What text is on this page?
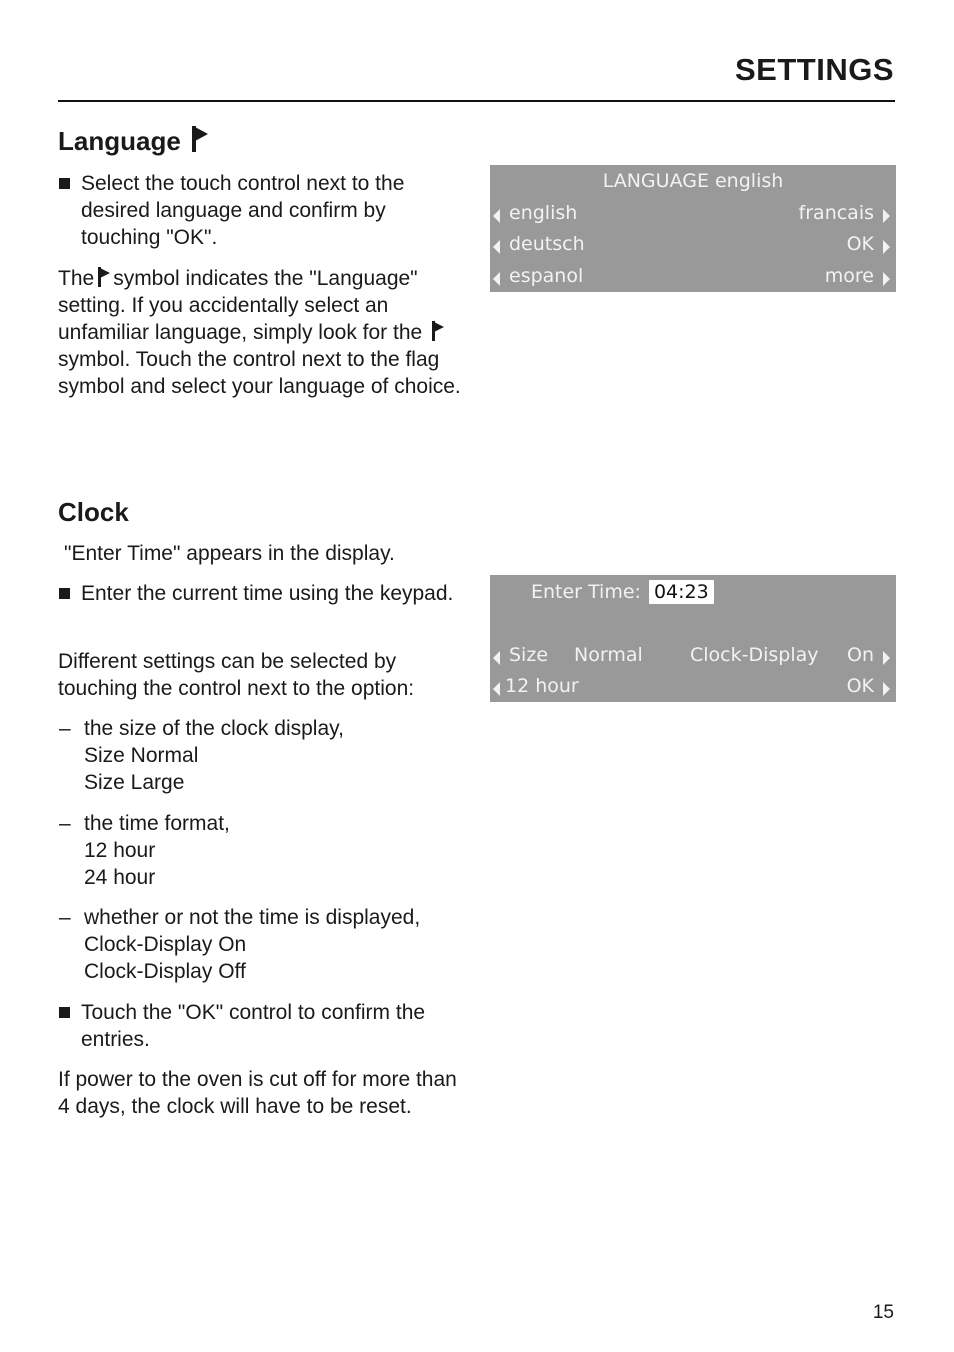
SETTINGS
Language
Select the touch control next to the desired language and confirm by touching "OK".
The symbol indicates the "Language" setting. If you accidentally select an unfamiliar language, simply look for the
symbol. Touch the control next to the flag symbol and select your language of choice.
LANGUAGE english
english	francais
deutsch	OK
espanol	more
Clock
"Enter Time" appears in the display.
Enter the current time using the keypad.
Different settings can be selected by touching the control next to the option:
– the size of the clock display,
Size Normal
Size Large
– the time format,
12 hour
24 hour
– whether or not the time is displayed,
Clock-Display On
Clock-Display Off
Touch the "OK" control to confirm the entries.
If power to the oven is cut off for more than 4 days, the clock will have to be reset.
Enter Time: 04:23
Size Normal Clock-Display On
12 hour	OK
15
